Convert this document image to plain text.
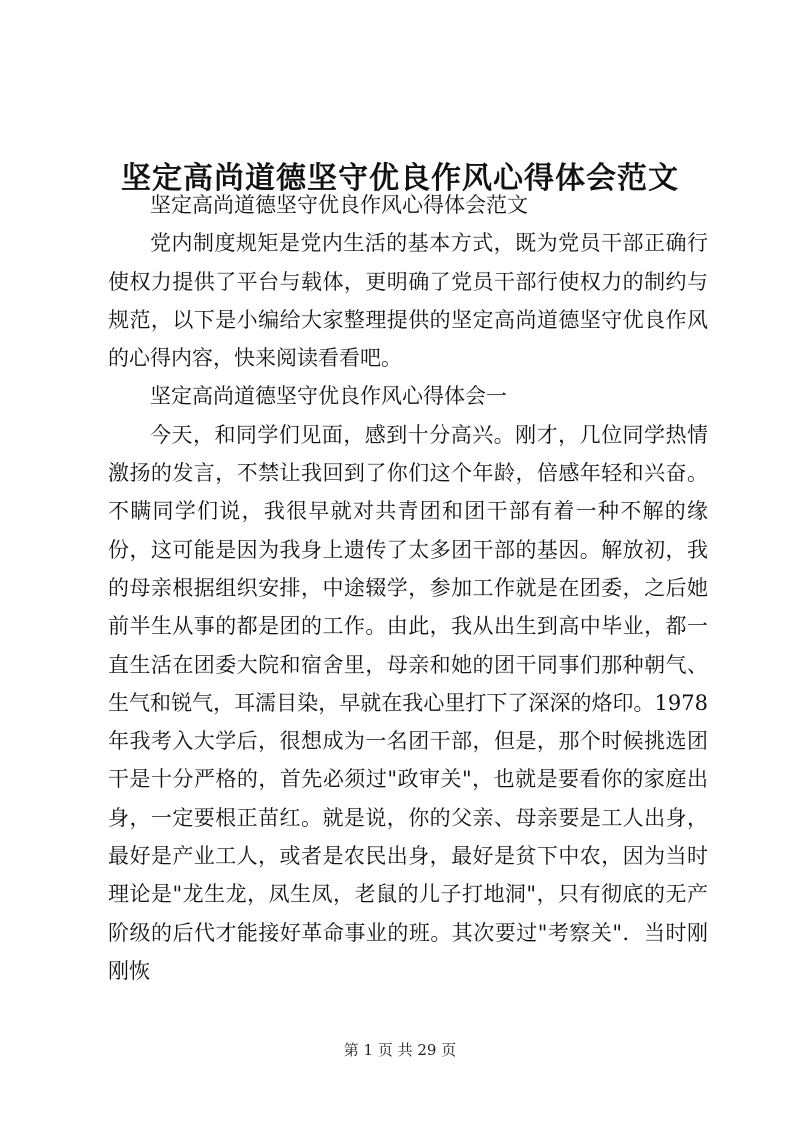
坚定高尚道德坚守优良作风心得体会范文

坚定高尚道德坚守优良作风心得体会范文

党内制度规矩是党内生活的基本方式，既为党员干部正确行使权力提供了平台与载体，更明确了党员干部行使权力的制约与规范，以下是小编给大家整理提供的坚定高尚道德坚守优良作风的心得内容，快来阅读看看吧。

坚定高尚道德坚守优良作风心得体会一

今天，和同学们见面，感到十分高兴。刚才，几位同学热情激扬的发言，不禁让我回到了你们这个年龄，倍感年轻和兴奋。不瞒同学们说，我很早就对共青团和团干部有着一种不解的缘份，这可能是因为我身上遗传了太多团干部的基因。解放初，我的母亲根据组织安排，中途辍学，参加工作就是在团委，之后她前半生从事的都是团的工作。由此，我从出生到高中毕业，都一直生活在团委大院和宿舍里，母亲和她的团干同事们那种朝气、生气和锐气，耳濡目染，早就在我心里打下了深深的烙印。1978年我考入大学后，很想成为一名团干部，但是，那个时候挑选团干是十分严格的，首先必须过"政审关"，也就是要看你的家庭出身，一定要根正苗红。就是说，你的父亲、母亲要是工人出身，最好是产业工人，或者是农民出身，最好是贫下中农，因为当时理论是"龙生龙，凤生凤，老鼠的儿子打地洞"，只有彻底的无产阶级的后代才能接好革命事业的班。其次要过"考察关"．当时刚刚恢

第 1 页 共 29 页
